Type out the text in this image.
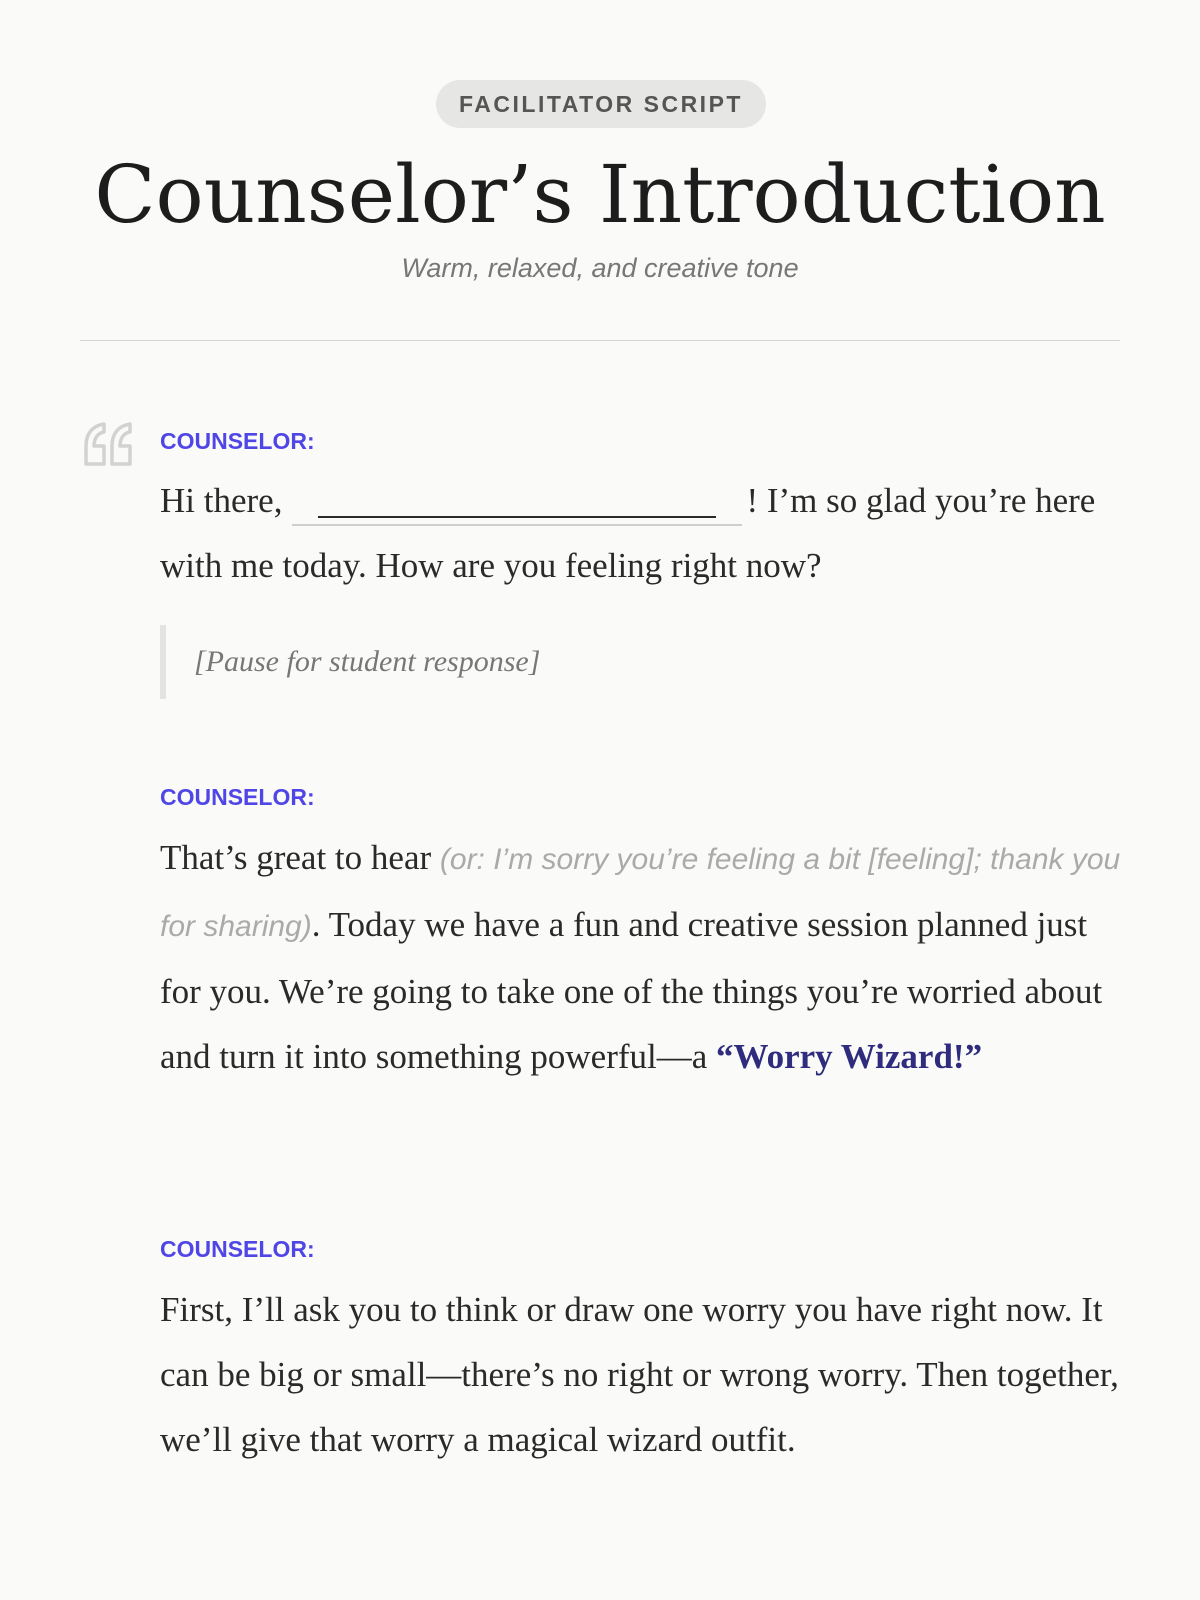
FACILITATOR SCRIPT
Counselor’s Introduction
Warm, relaxed, and creative tone
COUNSELOR:
Hi there,	! I’m so glad you’re here with me today. How are you feeling right now?
[Pause for student response]
COUNSELOR:
That’s great to hear (or: I’m sorry you’re feeling a bit [feeling]; thank you for sharing). Today we have a fun and creative session planned just for you. We’re going to take one of the things you’re worried about and turn it into something powerful—a “Worry Wizard!”
COUNSELOR:
First, I’ll ask you to think or draw one worry you have right now. It can be big or small—there’s no right or wrong worry. Then together, we’ll give that worry a magical wizard outfit.
